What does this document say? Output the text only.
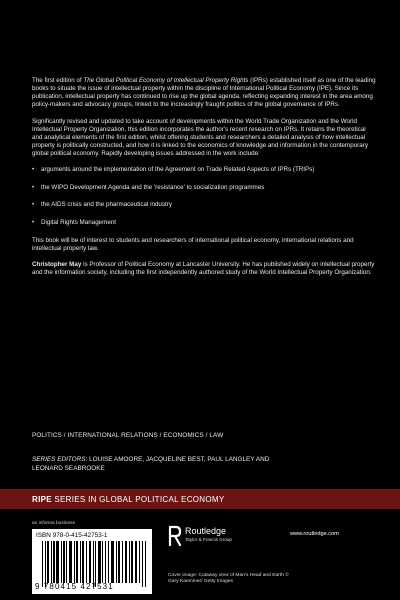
The first edition of The Global Political Economy of Intellectual Property Rights (IPRs) established itself as one of the leading books to situate the issue of intellectual property within the discipline of International Political Economy (IPE). Since its publication, intellectual property has continued to rise up the global agenda, reflecting expanding interest in the area among policy-makers and advocacy groups, linked to the increasingly fraught politics of the global governance of IPRs.

Significantly revised and updated to take account of developments within the World Trade Organization and the World Intellectual Property Organization, this edition incorporates the author's recent research on IPRs. It retains the theoretical and analytical elements of the first edition, whilst offering students and researchers a detailed analysis of how intellectual property is politically constructed, and how it is linked to the economics of knowledge and information in the contemporary global political economy. Rapidly developing issues addressed in the work include:

• arguments around the implementation of the Agreement on Trade Related Aspects of IPRs (TRIPs)
• the WIPO Development Agenda and the 'resistance' to socialization programmes
• the AIDS crisis and the pharmaceutical industry
• Digital Rights Management

This book will be of interest to students and researchers of international political economy, international relations and intellectual property law.

Christopher May is Professor of Political Economy at Lancaster University. He has published widely on intellectual property and the information society, including the first independently authored study of the World Intellectual Property Organization.

POLITICS / INTERNATIONAL RELATIONS / ECONOMICS / LAW
SERIES EDITORS: LOUISE AMOORE, JACQUELINE BEST, PAUL LANGLEY AND LEONARD SEABROOKE
RIPE SERIES IN GLOBAL POLITICAL ECONOMY
an informa business
ISBN 978-0-415-42753-1
9 780415 427531
Routledge
Taylor & Francis Group
www.routledge.com
Cover image: Cutaway view of Man's Head and Earth © Gary Kaemmer/ Getty Images
